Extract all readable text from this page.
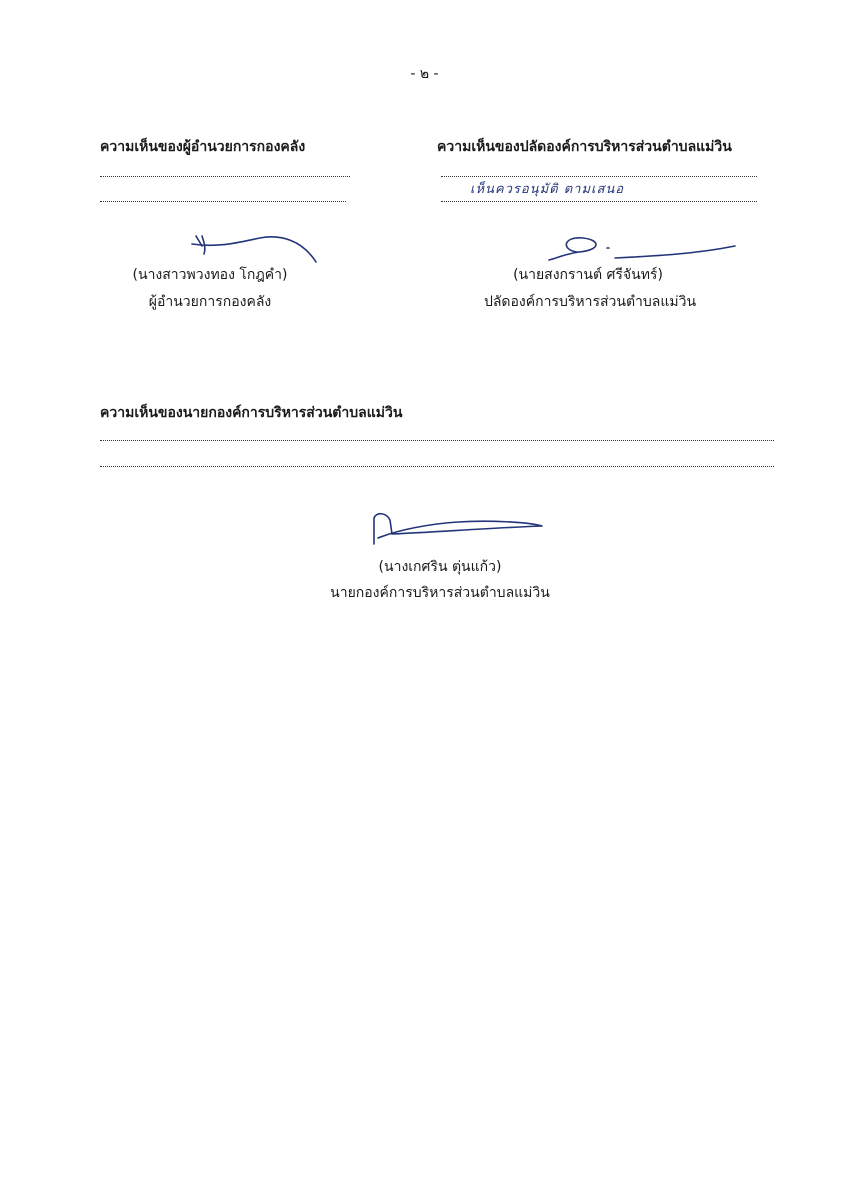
- ๒ -
ความเห็นของผู้อำนวยการกองคลัง
(นางสาวพวงทอง โกฎคำ)
ผู้อำนวยการกองคลัง
ความเห็นของปลัดองค์การบริหารส่วนตำบลแม่วิน
เห็นควรอนุมัติ ตามเสนอ
(นายสงกรานต์ ศรีจันทร์)
ปลัดองค์การบริหารส่วนตำบลแม่วิน
ความเห็นของนายกองค์การบริหารส่วนตำบลแม่วิน
(นางเกศริน ตุ่นแก้ว)
นายกองค์การบริหารส่วนตำบลแม่วิน
